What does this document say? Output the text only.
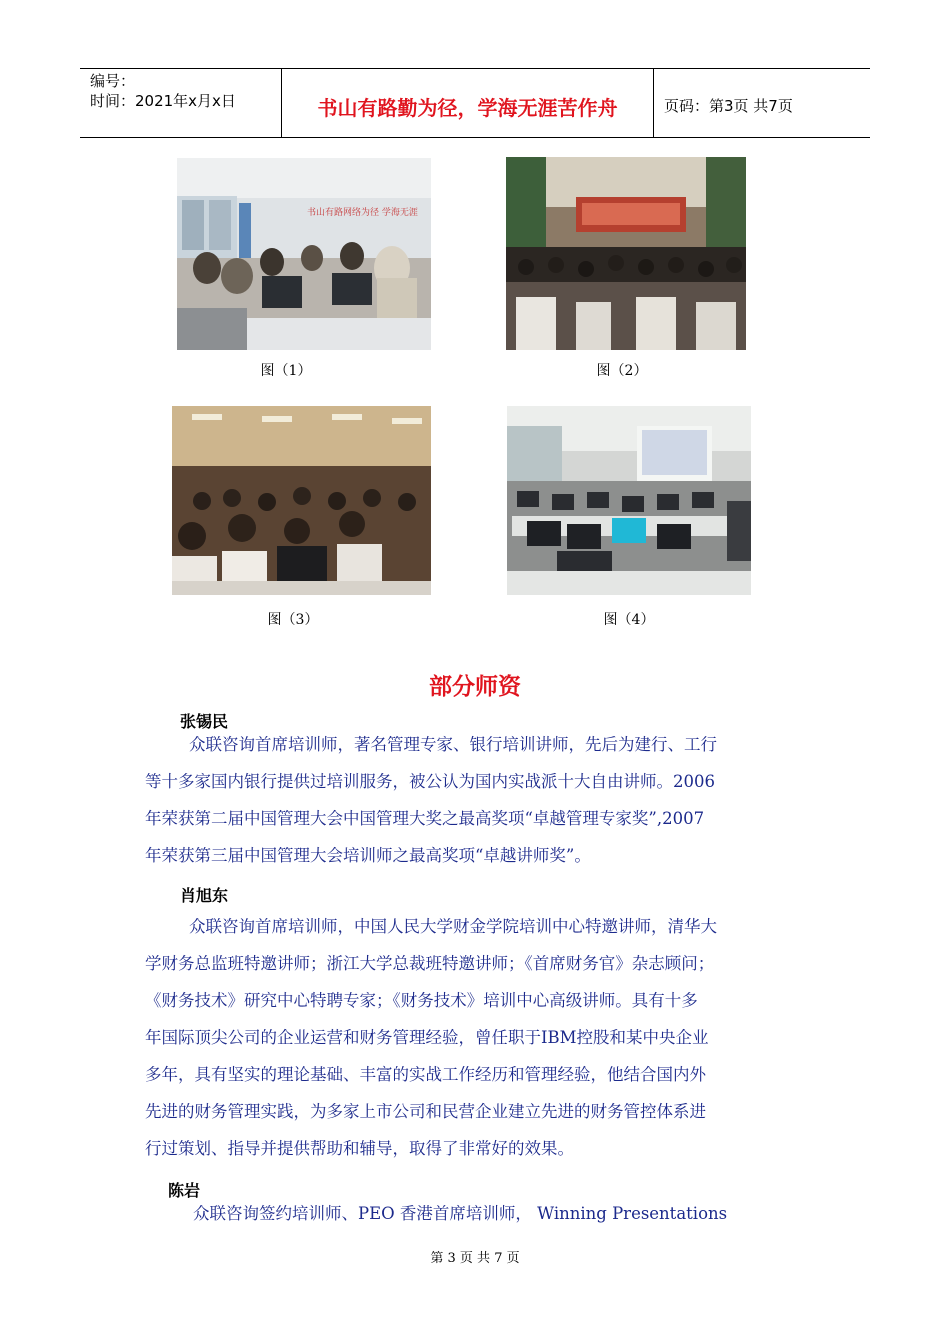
编号：
时间：2021年x月x日	书山有路勤为径，学海无涯苦作舟	页码：第3页 共7页
书山有路网络为径 学海无涯
图（1）	图（2）
图（3）	图（4）
部分师资
张锡民
众联咨询首席培训师，著名管理专家、银行培训讲师，先后为建行、工行
等十多家国内银行提供过培训服务，被公认为国内实战派十大自由讲师。2006
年荣获第二届中国管理大会中国管理大奖之最高奖项“卓越管理专家奖”,2007
年荣获第三届中国管理大会培训师之最高奖项“卓越讲师奖”。
肖旭东
众联咨询首席培训师，中国人民大学财金学院培训中心特邀讲师，清华大
学财务总监班特邀讲师；浙江大学总裁班特邀讲师；《首席财务官》杂志顾问；
《财务技术》研究中心特聘专家；《财务技术》培训中心高级讲师。具有十多
年国际顶尖公司的企业运营和财务管理经验，曾任职于IBM控股和某中央企业
多年，具有坚实的理论基础、丰富的实战工作经历和管理经验，他结合国内外
先进的财务管理实践，为多家上市公司和民营企业建立先进的财务管控体系进
行过策划、指导并提供帮助和辅导，取得了非常好的效果。
陈岩
众联咨询签约培训师、PEO 香港首席培训师， Winning Presentations
第 3 页 共 7 页
